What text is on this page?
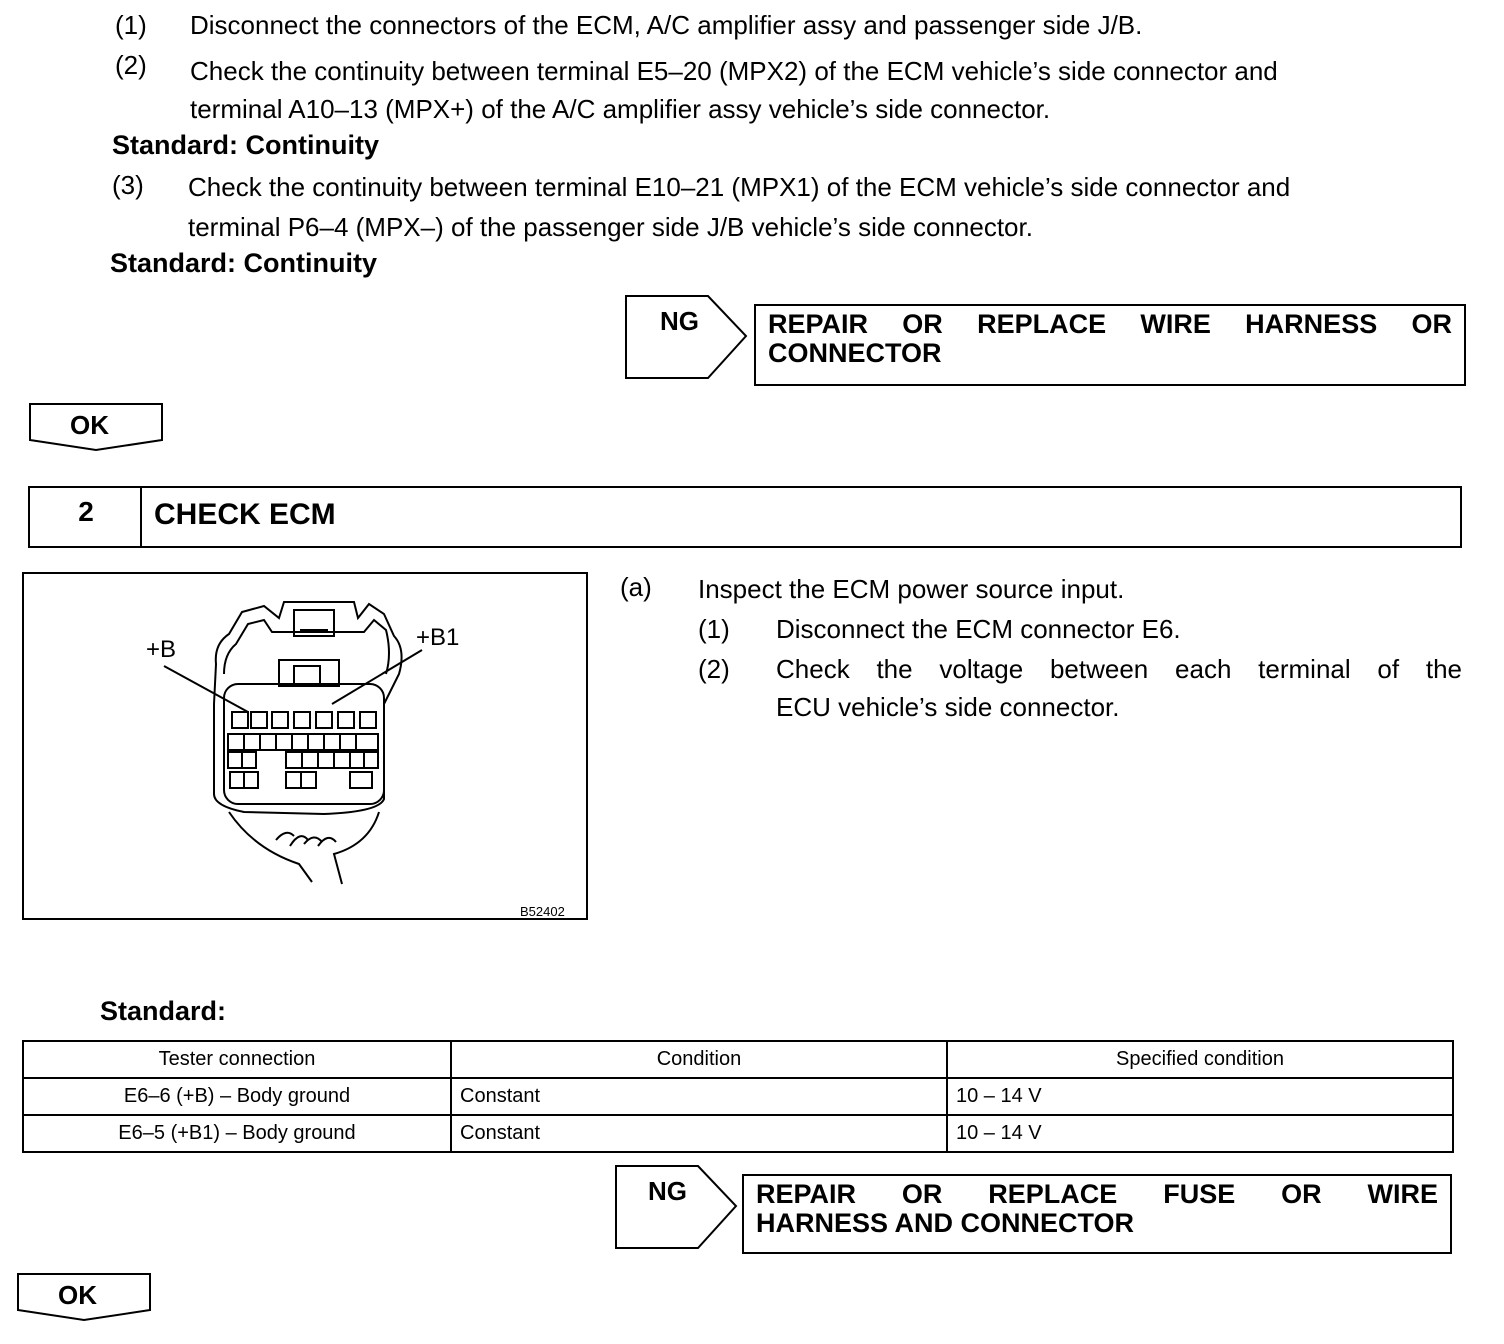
(1) Disconnect the connectors of the ECM, A/C amplifier assy and passenger side J/B.
(2) Check the continuity between terminal E5–20 (MPX2) of the ECM vehicle’s side connector and
terminal A10–13 (MPX+) of the A/C amplifier assy vehicle’s side connector.
Standard: Continuity
(3) Check the continuity between terminal E10–21 (MPX1) of the ECM vehicle’s side connector and
terminal P6–4 (MPX–) of the passenger side J/B vehicle’s side connector.
Standard: Continuity
NG	REPAIR OR REPLACE WIRE HARNESS OR
CONNECTOR
OK
2	CHECK ECM
+B	+B1
B52402
(a) Inspect the ECM power source input.
(1) Disconnect the ECM connector E6.
(2) Check the voltage between each terminal of the
ECU vehicle’s side connector.
Standard:
Tester connection	Condition	Specified condition
E6–6 (+B) – Body ground	Constant	10 – 14 V
E6–5 (+B1) – Body ground	Constant	10 – 14 V
NG	REPAIR OR REPLACE FUSE OR WIRE
HARNESS AND CONNECTOR
OK
